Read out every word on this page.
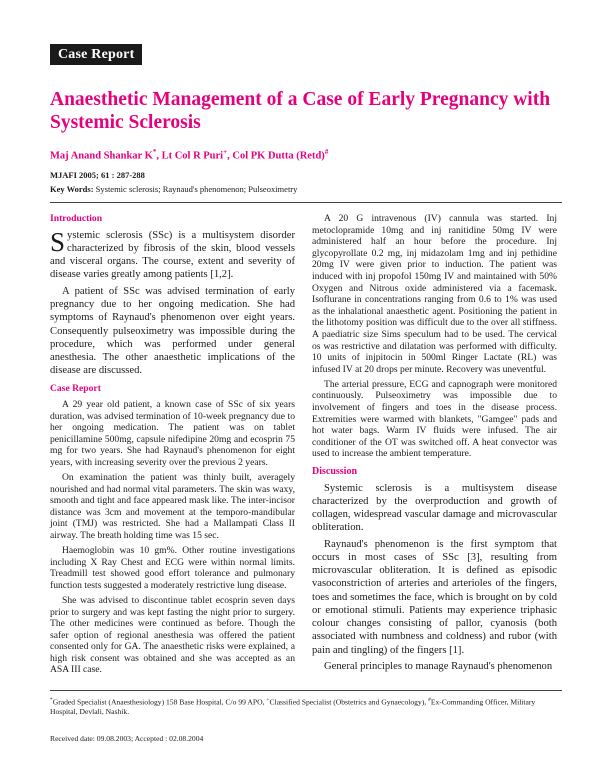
Case Report
Anaesthetic Management of a Case of Early Pregnancy with Systemic Sclerosis
Maj Anand Shankar K*, Lt Col R Puri+, Col PK Dutta (Retd)#
MJAFI 2005; 61 : 287-288
Key Words: Systemic sclerosis; Raynaud's phenomenon; Pulseoximetry
Introduction

Systemic sclerosis (SSc) is a multisystem disorder characterized by fibrosis of the skin, blood vessels and visceral organs. The course, extent and severity of disease varies greatly among patients [1,2].

A patient of SSc was advised termination of early pregnancy due to her ongoing medication. She had symptoms of Raynaud's phenomenon over eight years. Consequently pulseoximetry was impossible during the procedure, which was performed under general anesthesia. The other anaesthetic implications of the disease are discussed.

Case Report

A 29 year old patient, a known case of SSc of six years duration, was advised termination of 10-week pregnancy due to her ongoing medication. The patient was on tablet penicillamine 500mg, capsule nifedipine 20mg and ecosprin 75 mg for two years. She had Raynaud's phenomenon for eight years, with increasing severity over the previous 2 years.

On examination the patient was thinly built, averagely nourished and had normal vital parameters. The skin was waxy, smooth and tight and face appeared mask like. The inter-incisor distance was 3cm and movement at the temporo-mandibular joint (TMJ) was restricted. She had a Mallampati Class II airway. The breath holding time was 15 sec.

Haemoglobin was 10 gm%. Other routine investigations including X Ray Chest and ECG were within normal limits. Treadmill test showed good effort tolerance and pulmonary function tests suggested a moderately restrictive lung disease.

She was advised to discontinue tablet ecosprin seven days prior to surgery and was kept fasting the night prior to surgery. The other medicines were continued as before. Though the safer option of regional anesthesia was offered the patient consented only for GA. The anaesthetic risks were explained, a high risk consent was obtained and she was accepted as an ASA III case.

A 20 G intravenous (IV) cannula was started. Inj metoclopramide 10mg and inj ranitidine 50mg IV were administered half an hour before the procedure. Inj glycopyrollate 0.2 mg, inj midazolam 1mg and inj pethidine 20mg IV were given prior to induction. The patient was induced with inj propofol 150mg IV and maintained with 50% Oxygen and Nitrous oxide administered via a facemask. Isoflurane in concentrations ranging from 0.6 to 1% was used as the inhalational anaesthetic agent. Positioning the patient in the lithotomy position was difficult due to the over all stiffness. A paediatric size Sims speculum had to be used. The cervical os was restrictive and dilatation was performed with difficulty. 10 units of injpitocin in 500ml Ringer Lactate (RL) was infused IV at 20 drops per minute. Recovery was uneventful.

The arterial pressure, ECG and capnograph were monitored continuously. Pulseoximetry was impossible due to involvement of fingers and toes in the disease process. Extremities were warmed with blankets, "Gamgee" pads and hot water bags. Warm IV fluids were infused. The air conditioner of the OT was switched off. A heat convector was used to increase the ambient temperature.

Discussion

Systemic sclerosis is a multisystem disease characterized by the overproduction and growth of collagen, widespread vascular damage and microvascular obliteration.

Raynaud's phenomenon is the first symptom that occurs in most cases of SSc [3], resulting from microvascular obliteration. It is defined as episodic vasoconstriction of arteries and arterioles of the fingers, toes and sometimes the face, which is brought on by cold or emotional stimuli. Patients may experience triphasic colour changes consisting of pallor, cyanosis (both associated with numbness and coldness) and rubor (with pain and tingling) of the fingers [1].

General principles to manage Raynaud's phenomenon

*Graded Specialist (Anaesthesiology) 158 Base Hospital, C/o 99 APO, +Classified Specialist (Obstetrics and Gynaecology), #Ex-Commanding Officer, Military Hospital, Devlali, Nashik.
Received date: 09.08.2003; Accepted : 02.08.2004
